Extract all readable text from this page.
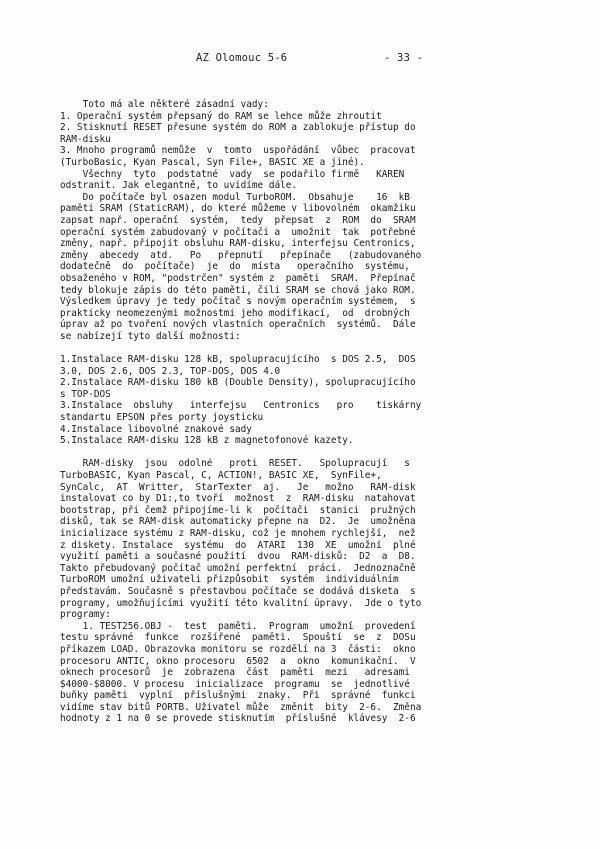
AZ Olomouc 5-6	- 33 -
Toto má ale některé zásadní vady:
1. Operační systém přepsaný do RAM se lehce může zhroutit
2. Stisknutí RESET přesune systém do ROM a zablokuje přístup do
RAM-disku
3. Mnoho programů nemůže  v  tomto  uspořádání  vůbec  pracovat
(TurboBasic, Kyan Pascal, Syn File+, BASIC XE a jiné).
Všechny  tyto  podstatné  vady  se podařilo firmě   KAREN
odstranit. Jak elegantně, to uvidíme dále.
Do počítače byl osazen modul TurboROM.  Obsahuje    16  kB
paměti SRAM (StaticRAM), do které můžeme v libovolném  okamžiku
zapsat např. operační  systém,  tedy  přepsat  z  ROM  do  SRAM
operační systém zabudovaný v počítači a  umožnit  tak  potřebné
změny, např. připojit obsluhu RAM-disku, interfejsu Centronics,
změny  abecedy  atd.   Po   přepnutí   přepínače   (zabudovaného
dodatečně  do  počítače)  je  do  místa   operačního  systému,
obsaženého v ROM, "podstrčen" systém z  paměti  SRAM.  Přepínač
tedy blokuje zápis do této paměti, čili SRAM se chová jako ROM.
Výsledkem úpravy je tedy počítač s novým operačním systémem,  s
prakticky neomezenými možnostmi jeho modifikací,  od  drobných
úprav až po tvoření nových vlastních operačních  systémů.  Dále
se nabízejí tyto další možnosti:
1.Instalace RAM-disku 128 kB, spolupracujícího  s DOS 2.5,  DOS
3.0, DOS 2.6, DOS 2.3, TOP-DOS, DOS 4.0
2.Instalace RAM-disku 180 kB (Double Density), spolupracujícího
s TOP-DOS
3.Instalace  obsluhy   interfejsu   Centronics   pro    tiskárny
standartu EPSON přes porty joysticku
4.Instalace libovolné znakové sady
5.Instalace RAM-disku 128 kB z magnetofonové kazety.
RAM-disky  jsou  odolné   proti  RESET.   Spolupracují   s
TurboBASIC, Kyan Pascal, C, ACTION!, BASIC XE,  SynFile+,
SynCalc,  AT  Writter,  StarTexter  aj.   Je   možno   RAM-disk
instalovat co by D1:,to tvoří  možnost  z  RAM-disku  natahovat
bootstrap, při čemž připojíme-li k  počítači  stanici  pružných
disků, tak se RAM-disk automaticky přepne na  D2.  Je  umožněna
inicializace systému z RAM-disku, což je mnohem rychlejší,  než
z diskety. Instalace  systému  do  ATARI  130  XE  umožní  plné
využití paměti a současné použití  dvou  RAM-disků:  D2  a  D8.
Takto přebudovaný počítač umožní perfektní  práci.  Jednoznačně
TurboROM umožní uživateli přizpůsobit  systém  individuálním
představám. Současně s přestavbou počítače se dodává disketa  s
programy, umožňujícími využití této kvalitní úpravy.  Jde o tyto
programy:
1. TEST256.OBJ -  test  paměti.  Program  umožní  provedení
testu správné  funkce  rozšířené  paměti.  Spouští  se  z  DOSu
příkazem LOAD. Obrazovka monitoru se rozdělí na 3  části:  okno
procesoru ANTIC, okno procesoru  6502  a  okno  komunikační.  V
oknech procesorů  je  zobrazena  část  paměti  mezi   adresami
$4000-$8000. V procesu  inicializace  programu  se  jednotlivé
buňky paměti  vyplní  příslušnými  znaky.  Při  správné  funkci
vidíme stav bitů PORTB. Uživatel může  změnit  bity  2-6.  Změna
hodnoty z 1 na 0 se provede stisknutím  příslušné  klávesy  2-6
